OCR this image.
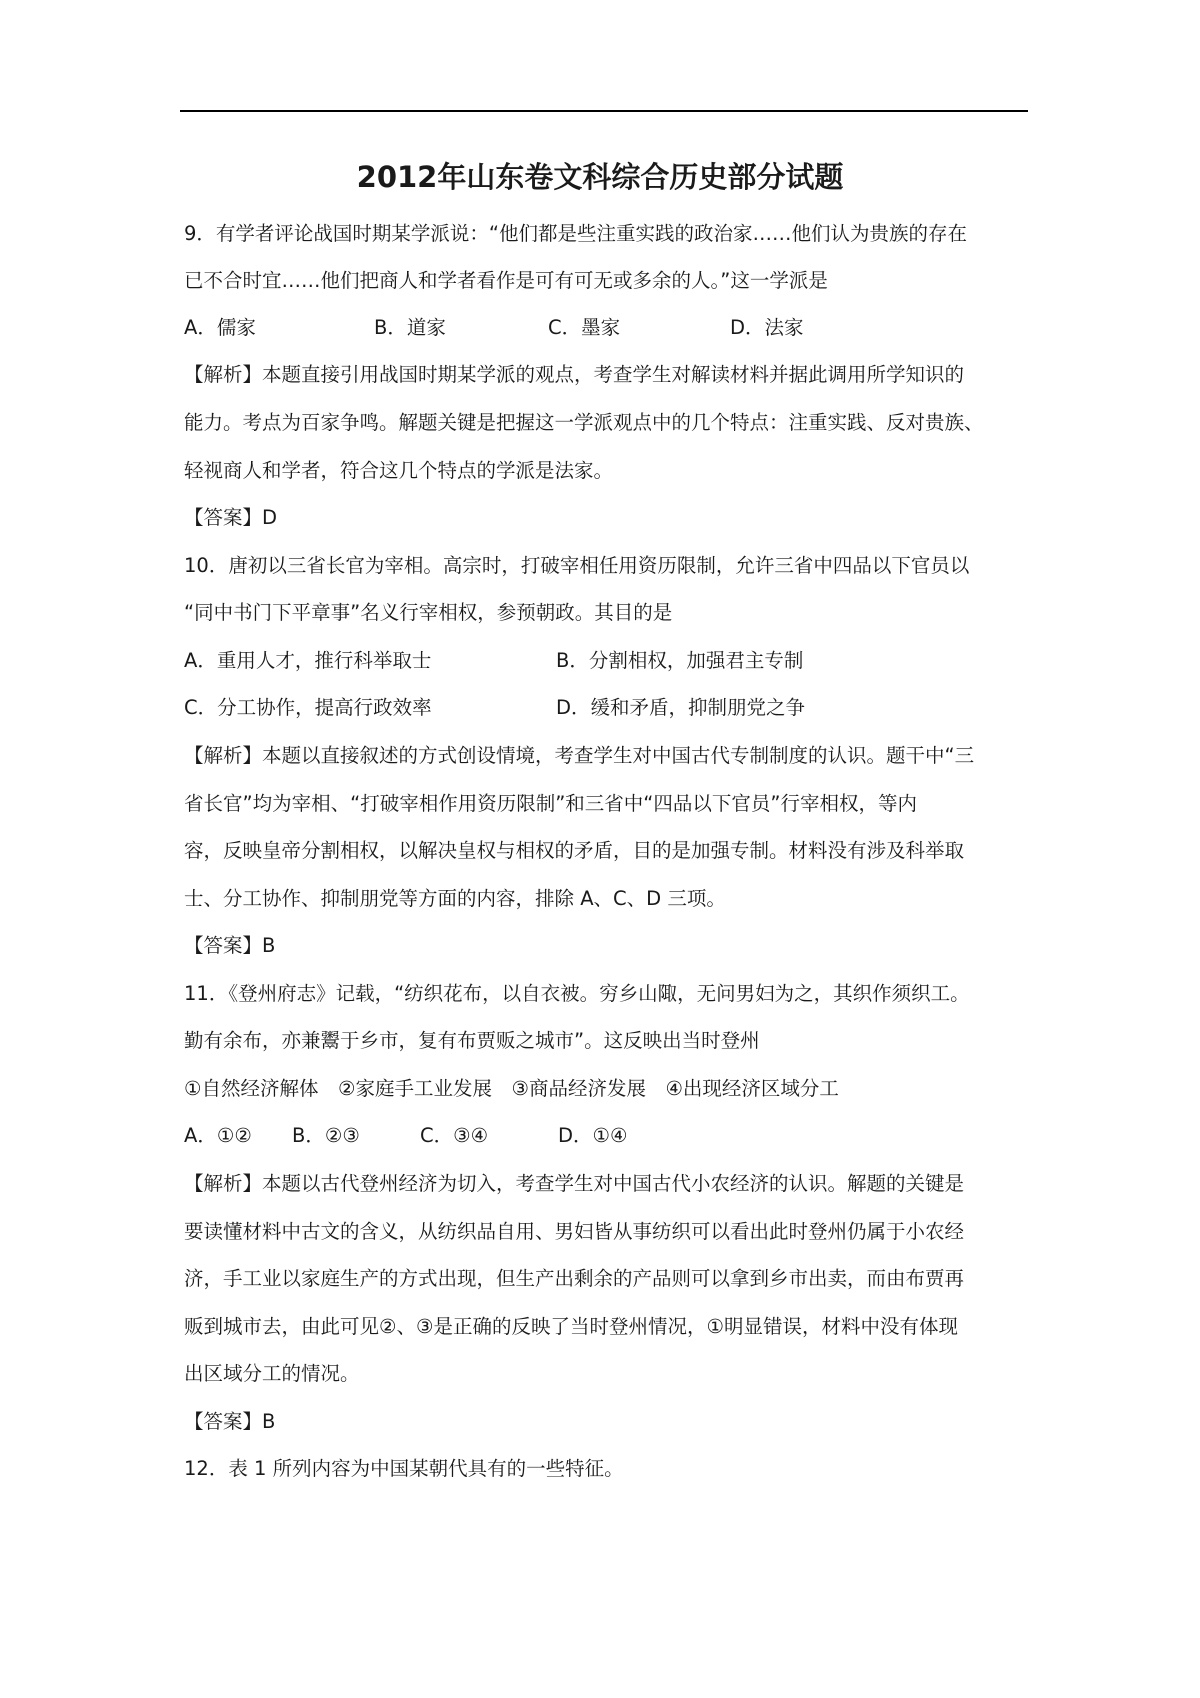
2012年山东卷文科综合历史部分试题
9．有学者评论战国时期某学派说：“他们都是些注重实践的政治家……他们认为贵族的存在
已不合时宜……他们把商人和学者看作是可有可无或多余的人。”这一学派是
A．儒家	B．道家	C．墨家	D．法家
【解析】本题直接引用战国时期某学派的观点，考查学生对解读材料并据此调用所学知识的
能力。考点为百家争鸣。解题关键是把握这一学派观点中的几个特点：注重实践、反对贵族、
轻视商人和学者，符合这几个特点的学派是法家。
【答案】D
10．唐初以三省长官为宰相。高宗时，打破宰相任用资历限制，允许三省中四品以下官员以
“同中书门下平章事”名义行宰相权，参预朝政。其目的是
A．重用人才，推行科举取士	B．分割相权，加强君主专制
C．分工协作，提高行政效率	D．缓和矛盾，抑制朋党之争
【解析】本题以直接叙述的方式创设情境，考查学生对中国古代专制制度的认识。题干中“三
省长官”均为宰相、“打破宰相作用资历限制”和三省中“四品以下官员”行宰相权，等内
容，反映皇帝分割相权，以解决皇权与相权的矛盾，目的是加强专制。材料没有涉及科举取
士、分工协作、抑制朋党等方面的内容，排除 A、C、D 三项。
【答案】B
11．《登州府志》记载，“纺织花布，以自衣被。穷乡山陬，无问男妇为之，其织作须织工。
勤有余布，亦兼鬻于乡市，复有布贾贩之城市”。这反映出当时登州
①自然经济解体　②家庭手工业发展　③商品经济发展　④出现经济区域分工
A．①② B．②③	C．③④	D．①④
【解析】本题以古代登州经济为切入，考查学生对中国古代小农经济的认识。解题的关键是
要读懂材料中古文的含义，从纺织品自用、男妇皆从事纺织可以看出此时登州仍属于小农经
济，手工业以家庭生产的方式出现，但生产出剩余的产品则可以拿到乡市出卖，而由布贾再
贩到城市去，由此可见②、③是正确的反映了当时登州情况，①明显错误，材料中没有体现
出区域分工的情况。
【答案】B
12．表 1 所列内容为中国某朝代具有的一些特征。
